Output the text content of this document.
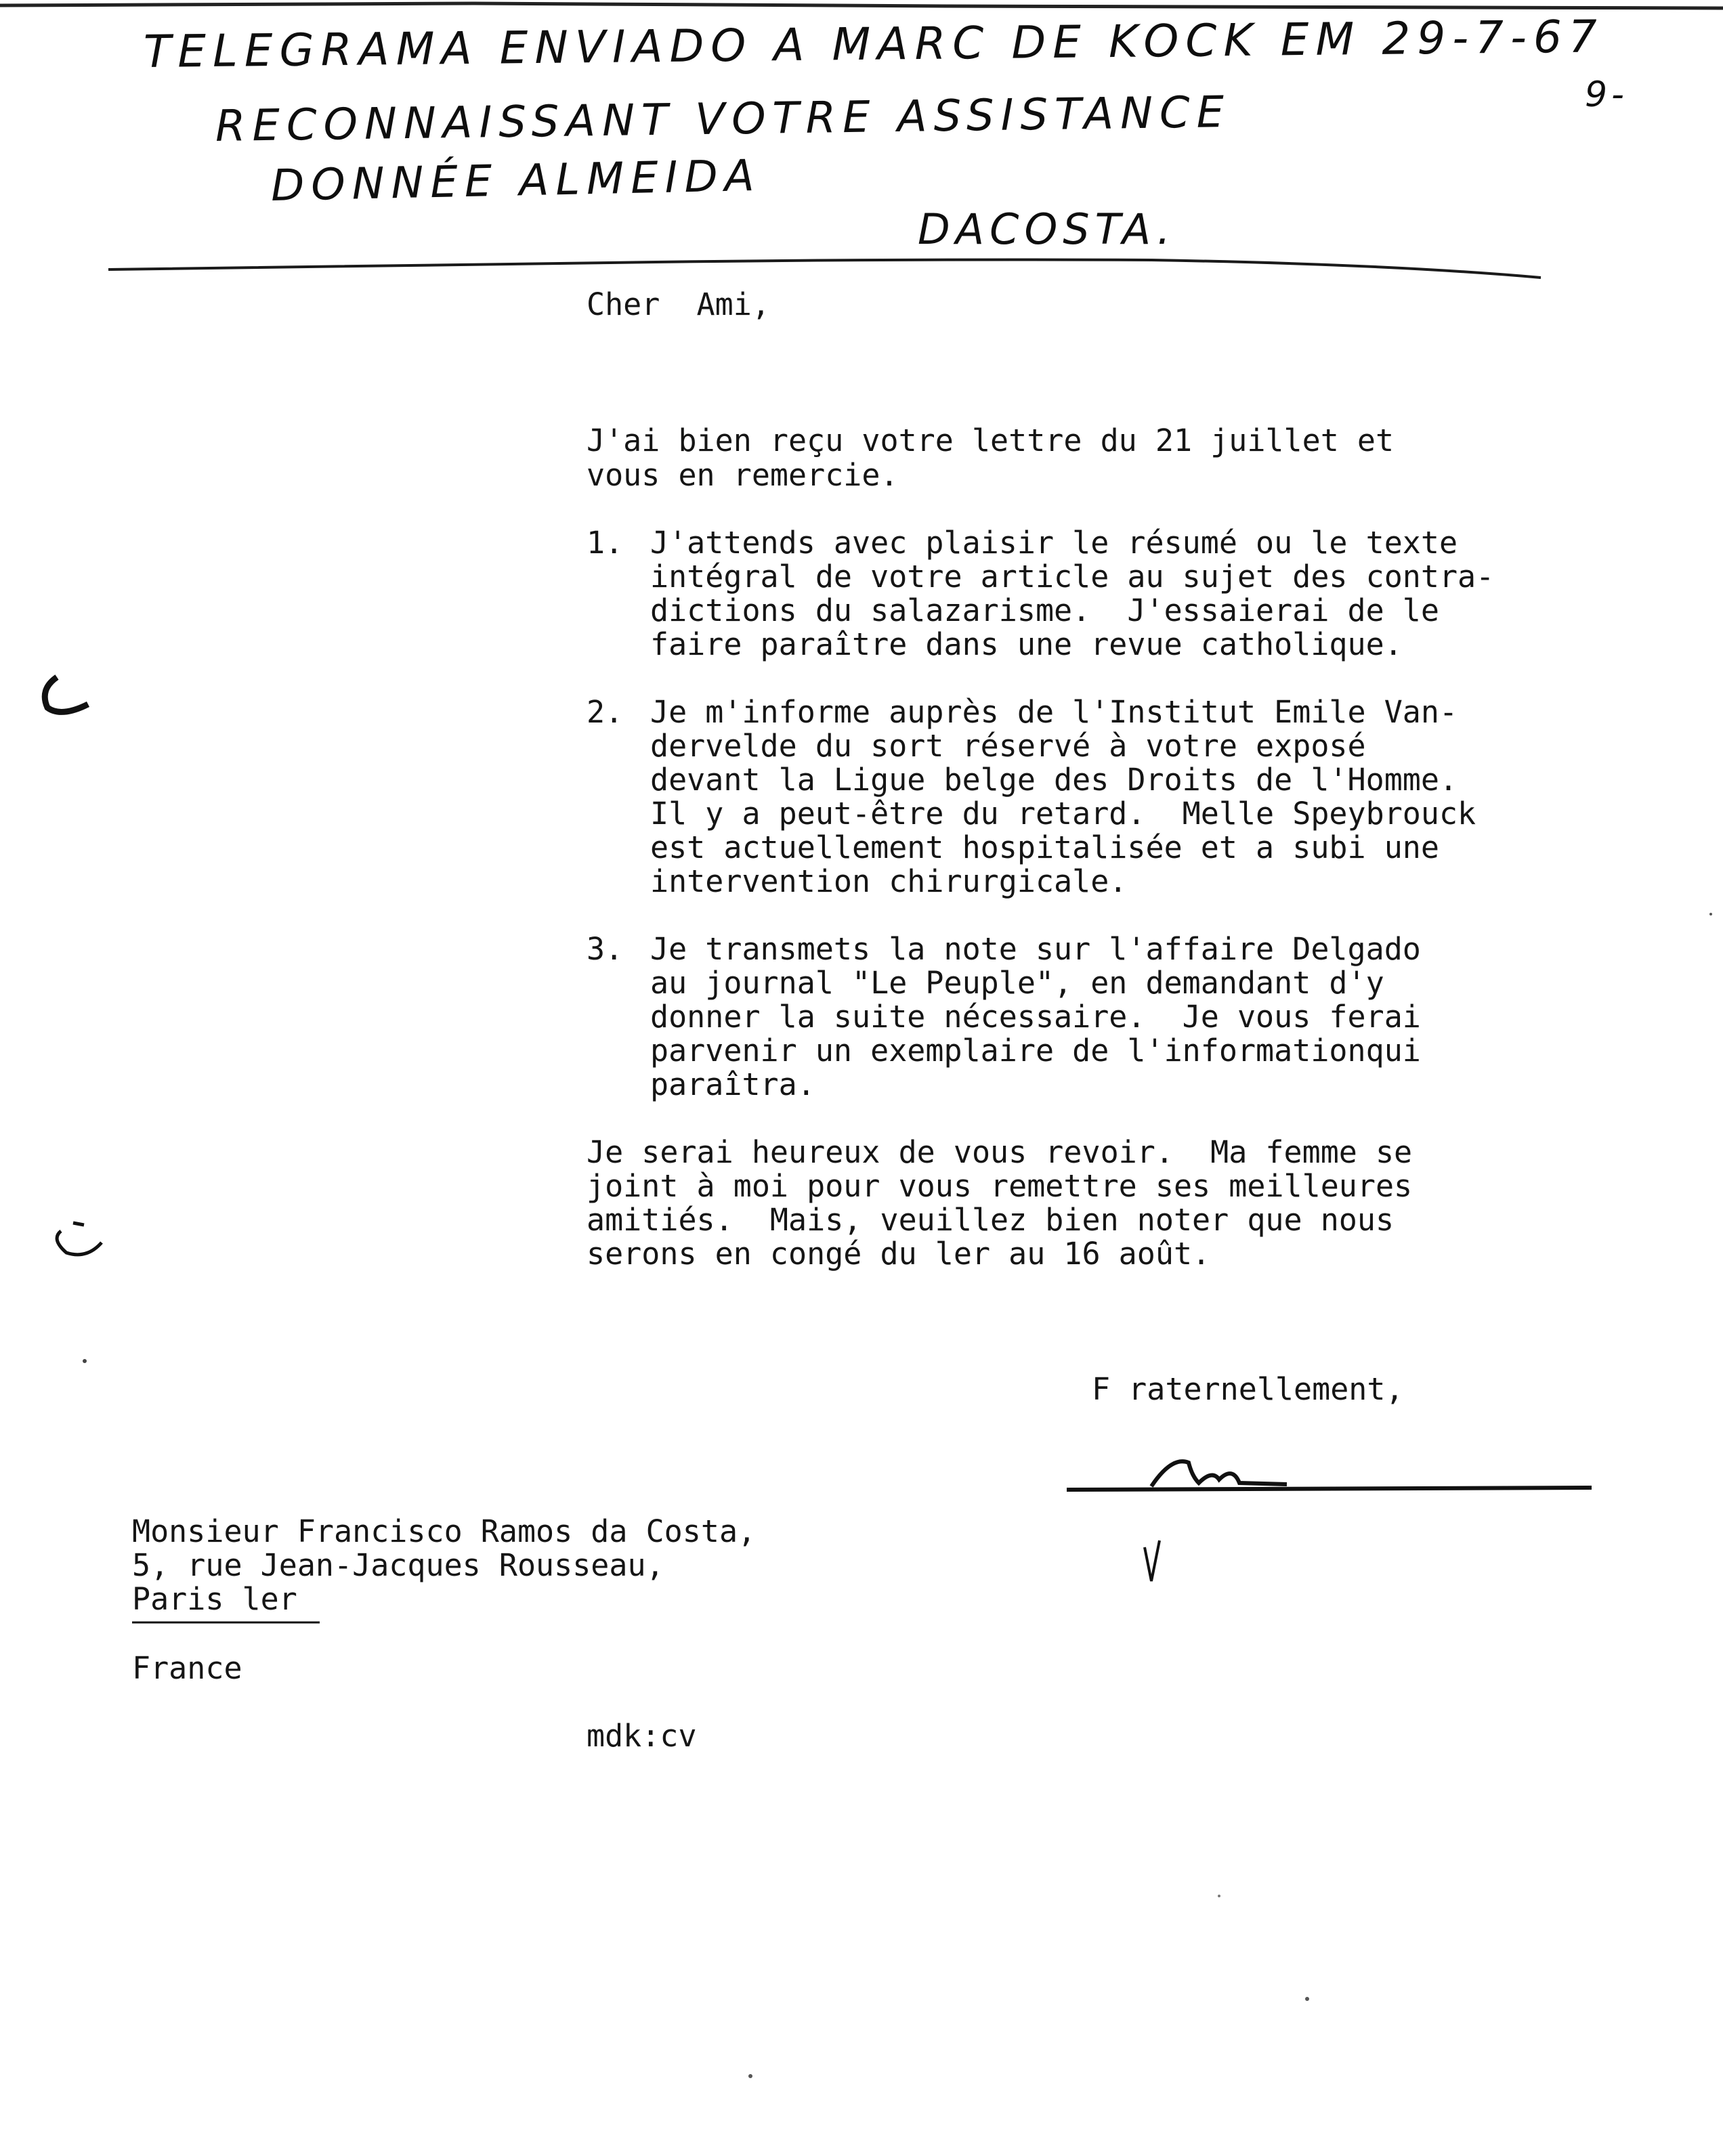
TELEGRAMA ENVIADO A MARC DE KOCK EM 29-7-67
9-
RECONNAISSANT VOTRE ASSISTANCE
DONNÉE ALMEIDA
DACOSTA.
Cher  Ami,
J'ai bien reçu votre lettre du 21 juillet et
vous en remercie.
1. J'attends avec plaisir le résumé ou le texte
intégral de votre article au sujet des contra-
dictions du salazarisme.  J'essaierai de le
faire paraître dans une revue catholique.
2. Je m'informe auprès de l'Institut Emile Van-
dervelde du sort réservé à votre exposé
devant la Ligue belge des Droits de l'Homme.
Il y a peut-être du retard.  Melle Speybrouck
est actuellement hospitalisée et a subi une
intervention chirurgicale.
3. Je transmets la note sur l'affaire Delgado
au journal "Le Peuple", en demandant d'y
donner la suite nécessaire.  Je vous ferai
parvenir un exemplaire de l'informationqui
paraîtra.
Je serai heureux de vous revoir.  Ma femme se
joint à moi pour vous remettre ses meilleures
amitiés.  Mais, veuillez bien noter que nous
serons en congé du ler au 16 août.
F raternellement,
Monsieur Francisco Ramos da Costa,
5, rue Jean-Jacques Rousseau,
Paris ler
France
mdk:cv
